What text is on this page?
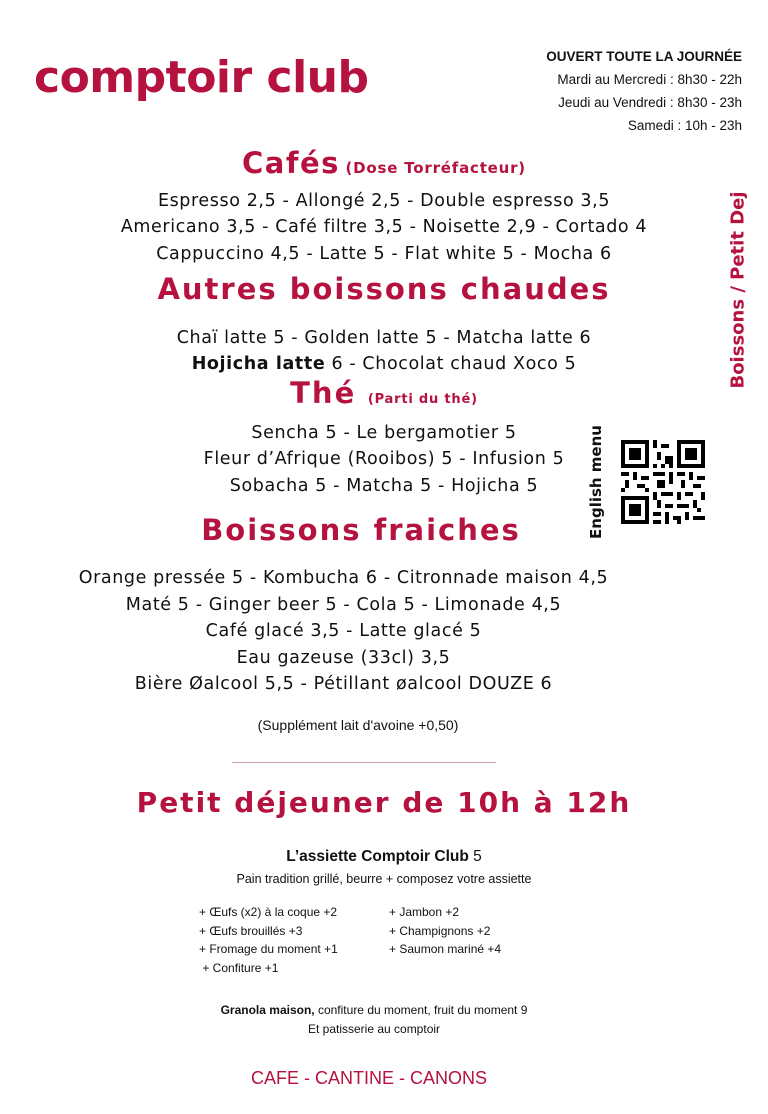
comptoir club	OUVERT TOUTE LA JOURNÉE
Mardi au Mercredi : 8h30 - 22h
Jeudi au Vendredi : 8h30 - 23h
Samedi : 10h - 23h
Boissons / Petit Dej
English menu
Cafés (Dose Torréfacteur)
Espresso 2,5 - Allongé 2,5 - Double espresso 3,5
Americano 3,5 - Café filtre 3,5 - Noisette 2,9 - Cortado 4
Cappuccino 4,5 - Latte 5 - Flat white 5 - Mocha 6
Autres boissons chaudes
Chaï latte 5 - Golden latte 5 - Matcha latte 6
Hojicha latte 6 - Chocolat chaud Xoco 5
Thé (Parti du thé)
Sencha 5 - Le bergamotier 5
Fleur d’Afrique (Rooibos) 5 - Infusion 5
Sobacha 5 - Matcha 5 - Hojicha 5
Boissons fraiches
Orange pressée 5 - Kombucha 6 - Citronnade maison 4,5
Maté 5 - Ginger beer 5 - Cola 5 - Limonade 4,5
Café glacé 3,5 - Latte glacé 5
Eau gazeuse (33cl) 3,5
Bière Øalcool 5,5 - Pétillant øalcool DOUZE 6
(Supplément lait d'avoine +0,50)
Petit déjeuner de 10h à 12h
L’assiette Comptoir Club 5
Pain tradition grillé, beurre + composez votre assiette
+ Œufs (x2) à la coque +2
+ Œufs brouillés +3
+ Fromage du moment +1
+ Confiture +1
+ Jambon +2
+ Champignons +2
+ Saumon mariné +4
Granola maison, confiture du moment, fruit du moment 9
Et patisserie au comptoir
CAFE - CANTINE - CANONS
